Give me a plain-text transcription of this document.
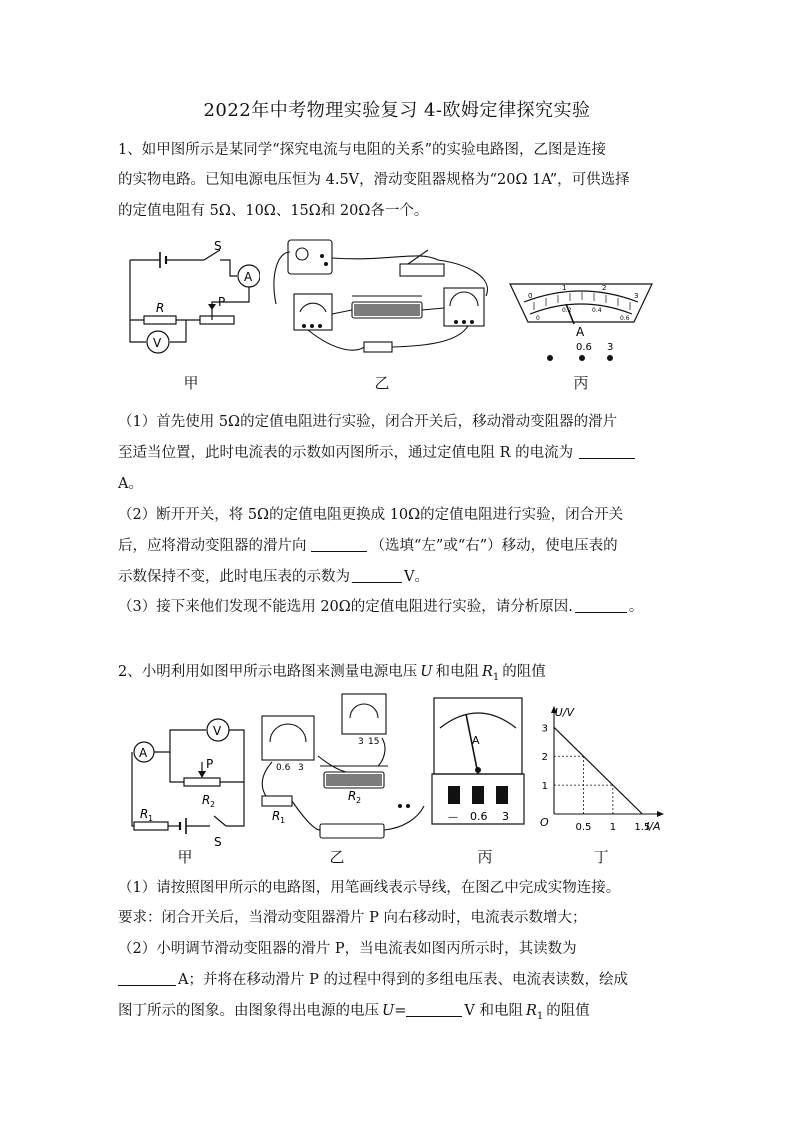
2022年中考物理实验复习 4-欧姆定律探究实验
1、如甲图所示是某同学“探究电流与电阻的关系”的实验电路图，乙图是连接
的实物电路。已知电源电压恒为 4.5V，滑动变阻器规格为“20Ω 1A”，可供选择
的定值电阻有 5Ω、10Ω、15Ω和 20Ω各一个。
S
A
P
R
V
甲	乙
0
1	2
3
0
0.2	0.4
0.6
A
0.6 3
丙
（1）首先使用 5Ω的定值电阻进行实验，闭合开关后，移动滑动变阻器的滑片
至适当位置，此时电流表的示数如丙图所示，通过定值电阻 R 的电流为
A。
（2）断开开关，将 5Ω的定值电阻更换成 10Ω的定值电阻进行实验，闭合开关
后，应将滑动变阻器的滑片向	（选填“左”或“右”）移动，使电压表的
示数保持不变，此时电压表的示数为	V。
（3）接下来他们发现不能选用 20Ω的定值电阻进行实验，请分析原因.	。
2、小明利用如图甲所示电路图来测量电源电压 U 和电阻 $R_1$ 的阻值
A
V
P
R 2
R 1
S
甲
0.6 3
3 15
R 2
R 1
乙
A
— 0.6 3
丙
U/V
I/A
O	0.5 1 1.5
1
2
3
丁
（1）请按照图甲所示的电路图，用笔画线表示导线，在图乙中完成实物连接。
要求：闭合开关后，当滑动变阻器滑片 P 向右移动时，电流表示数增大；
（2）小明调节滑动变阻器的滑片 P，当电流表如图丙所示时，其读数为
A；并将在移动滑片 P 的过程中得到的多组电压表、电流表读数，绘成
图丁所示的图象。由图象得出电源的电压 U=	V 和电阻 $R_1$ 的阻值
